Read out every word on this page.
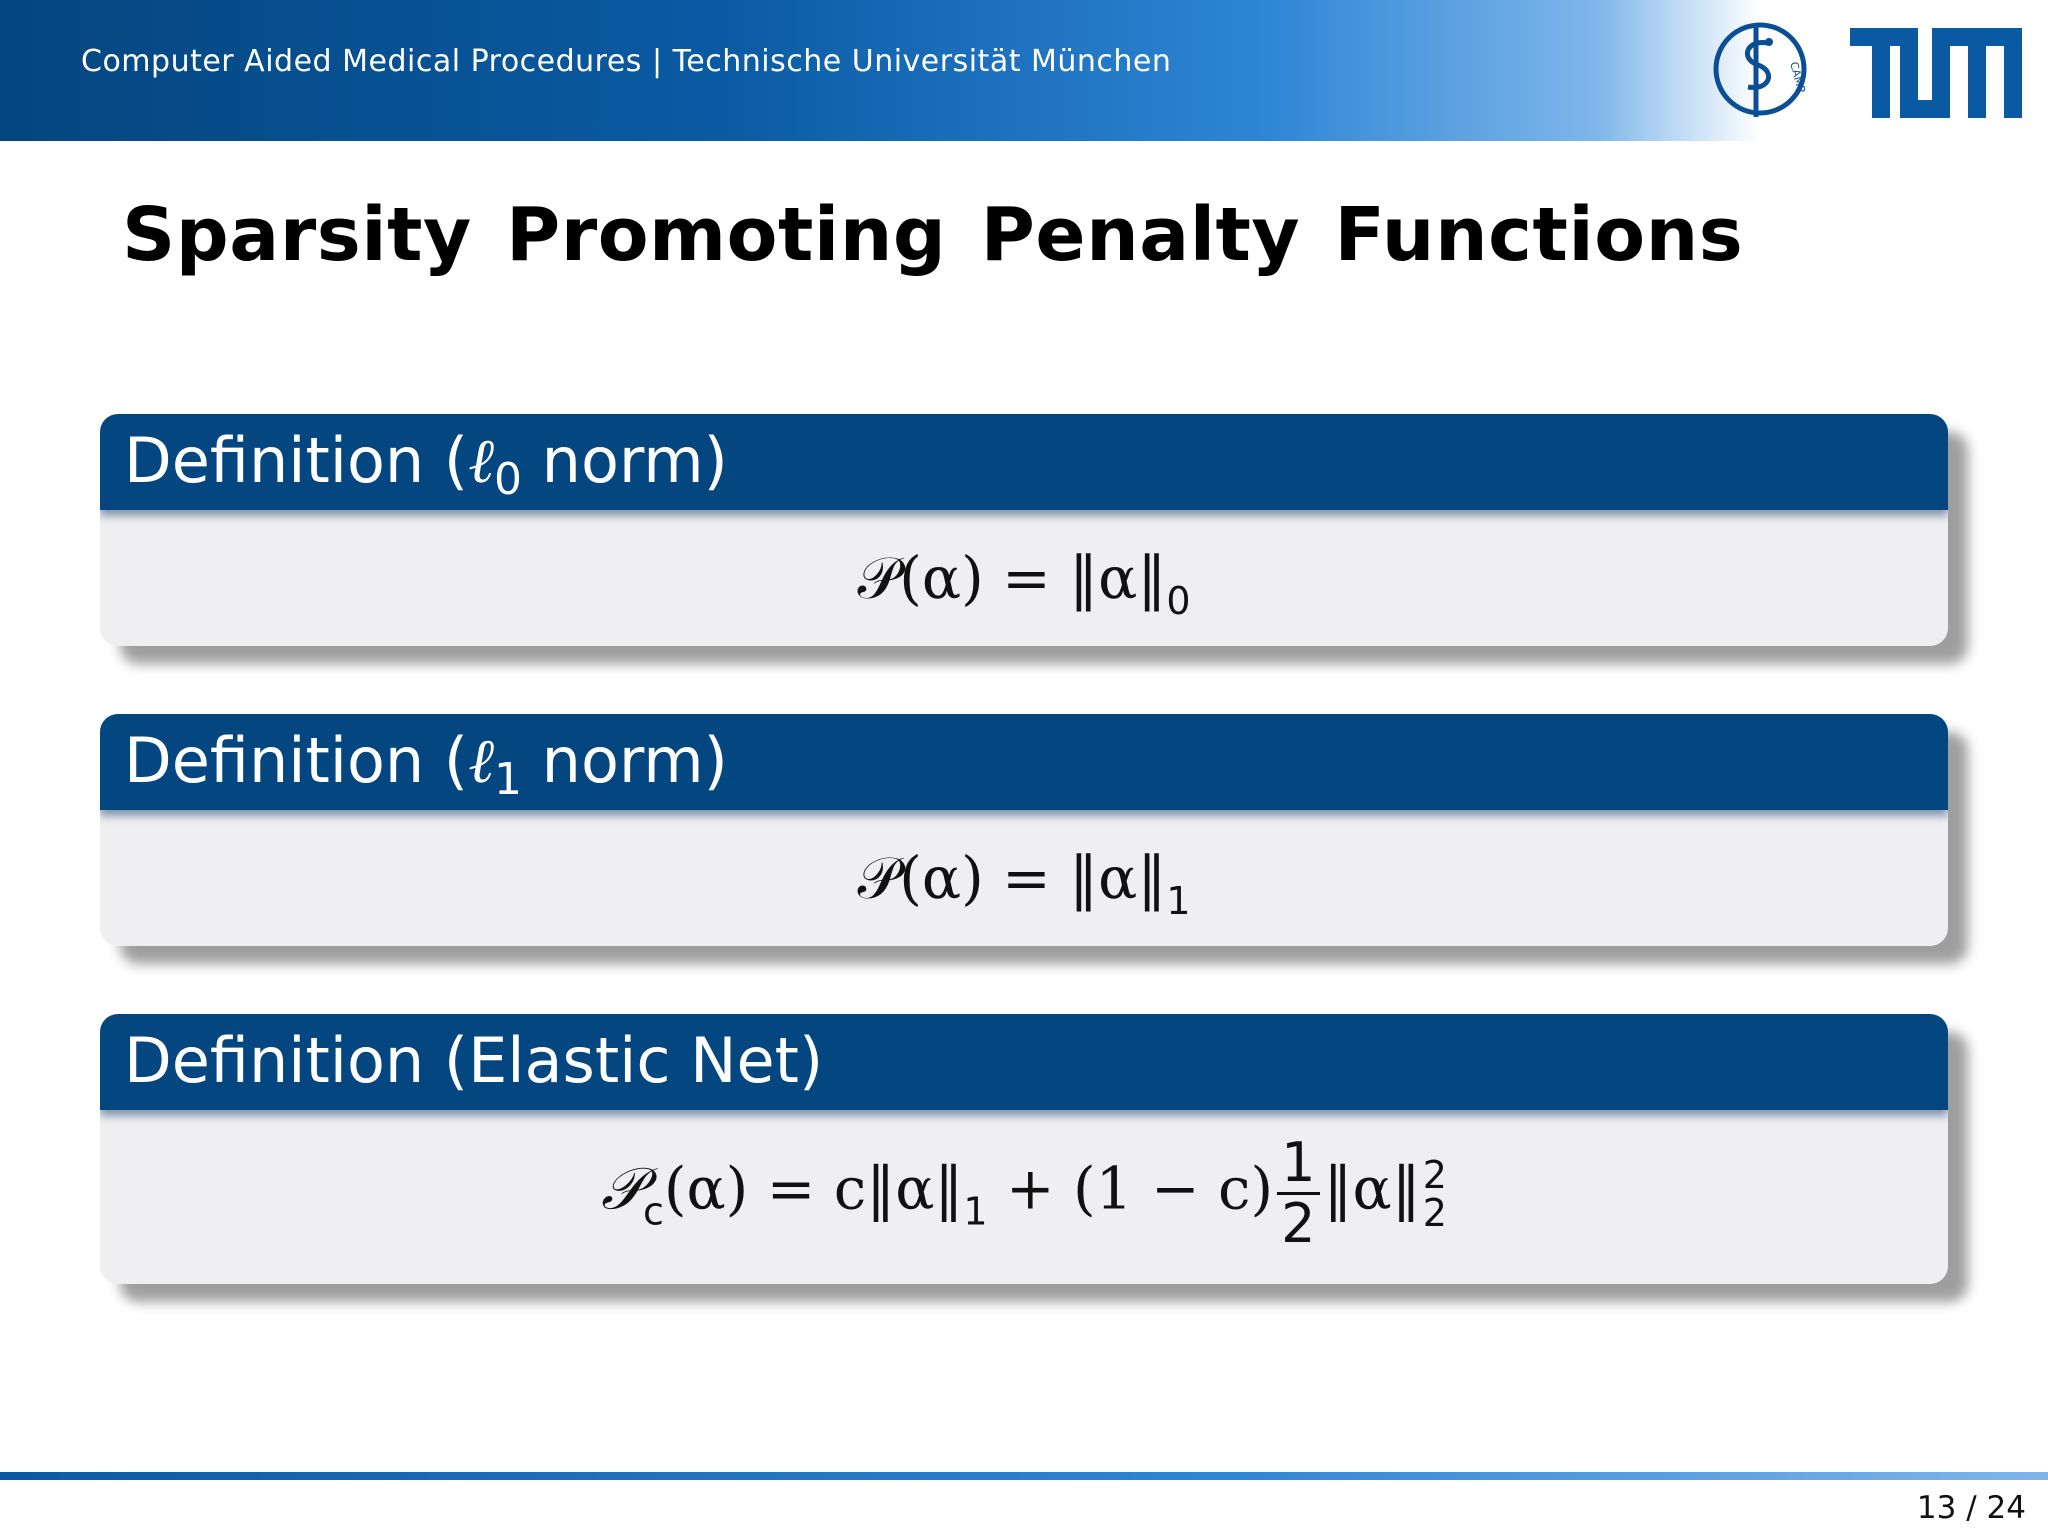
Computer Aided Medical Procedures | Technische Universität München	CAMP
Sparsity Promoting Penalty Functions
Definition (ℓ$_0$ norm)
𝒫(α) = $‖\alpha‖_0$
Definition (ℓ$_1$ norm)
𝒫(α) = $‖\alpha‖_1$
Definition (Elastic Net)
𝒫$_c$(α) = $c‖\alpha‖_1 + (1 - c) \frac{1}{2}$ ‖α‖ 2
2
13 / 24
